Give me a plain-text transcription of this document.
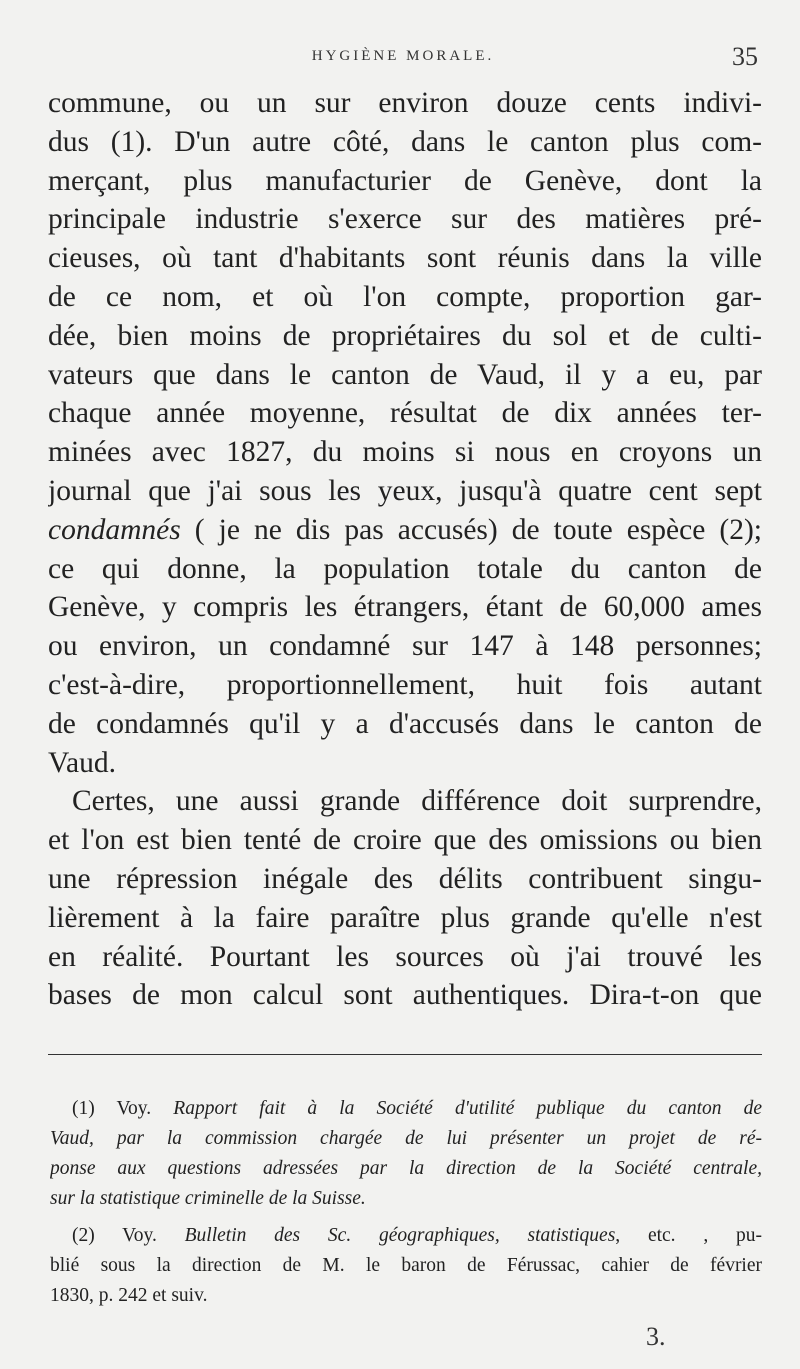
HYGIÈNE MORALE.	35
commune, ou un sur environ douze cents indivi-
dus (1). D'un autre côté, dans le canton plus com-
merçant, plus manufacturier de Genève, dont la
principale industrie s'exerce sur des matières pré-
cieuses, où tant d'habitants sont réunis dans la ville
de ce nom, et où l'on compte, proportion gar-
dée, bien moins de propriétaires du sol et de culti-
vateurs que dans le canton de Vaud, il y a eu, par
chaque année moyenne, résultat de dix années ter-
minées avec 1827, du moins si nous en croyons un
journal que j'ai sous les yeux, jusqu'à quatre cent sept
condamnés ( je ne dis pas accusés) de toute espèce (2);
ce qui donne, la population totale du canton de
Genève, y compris les étrangers, étant de 60,000 ames
ou environ, un condamné sur 147 à 148 personnes;
c'est-à-dire, proportionnellement, huit fois autant
de condamnés qu'il y a d'accusés dans le canton de
Vaud.
Certes, une aussi grande différence doit surprendre,
et l'on est bien tenté de croire que des omissions ou bien
une répression inégale des délits contribuent singu-
lièrement à la faire paraître plus grande qu'elle n'est
en réalité. Pourtant les sources où j'ai trouvé les
bases de mon calcul sont authentiques. Dira-t-on que
(1) Voy. Rapport fait à la Société d'utilité publique du canton de
Vaud, par la commission chargée de lui présenter un projet de ré-
ponse aux questions adressées par la direction de la Société centrale,
sur la statistique criminelle de la Suisse.
(2) Voy. Bulletin des Sc. géographiques, statistiques, etc. , pu-
blié sous la direction de M. le baron de Férussac, cahier de février
1830, p. 242 et suiv.
3.
